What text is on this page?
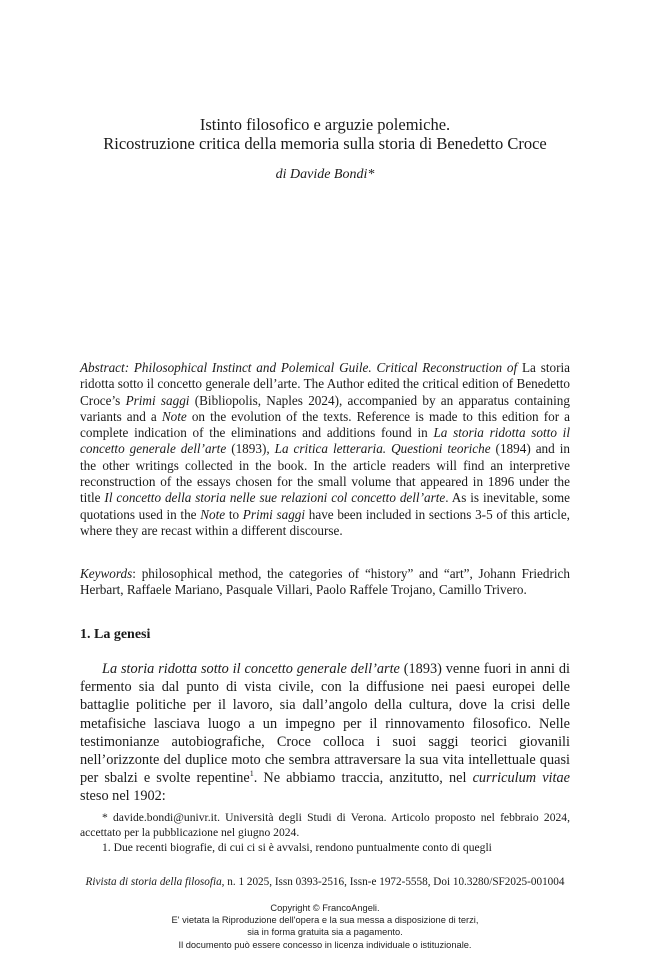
Istinto filosofico e arguzie polemiche.
Ricostruzione critica della memoria sulla storia di Benedetto Croce
di Davide Bondi*

Abstract: Philosophical Instinct and Polemical Guile. Critical Reconstruction of La storia ridotta sotto il concetto generale dell’arte. The Author edited the critical edition of Benedetto Croce’s Primi saggi (Bibliopolis, Naples 2024), accompanied by an apparatus containing variants and a Note on the evolution of the texts. Reference is made to this edition for a complete indication of the eliminations and additions found in La storia ridotta sotto il concetto generale dell’arte (1893), La critica letteraria. Questioni teoriche (1894) and in the other writings collected in the book. In the article readers will find an interpretive reconstruction of the essays chosen for the small volume that appeared in 1896 under the title Il concetto della storia nelle sue relazioni col concetto dell’arte. As is inevitable, some quotations used in the Note to Primi saggi have been included in sections 3-5 of this article, where they are recast within a different discourse.

Keywords: philosophical method, the categories of “history” and “art”, Johann Friedrich Herbart, Raffaele Mariano, Pasquale Villari, Paolo Raffele Trojano, Camillo Trivero.

1. La genesi

La storia ridotta sotto il concetto generale dell’arte (1893) venne fuori in anni di fermento sia dal punto di vista civile, con la diffusione nei paesi europei delle battaglie politiche per il lavoro, sia dall’angolo della cultura, dove la crisi delle metafisiche lasciava luogo a un impegno per il rinnovamento filosofico. Nelle testimonianze autobiografiche, Croce colloca i suoi saggi teorici giovanili nell’orizzonte del duplice moto che sembra attraversare la sua vita intellettuale quasi per sbalzi e svolte repentine$^1$. Ne abbiamo traccia, anzitutto, nel curriculum vitae steso nel 1902:

* davide.bondi@univr.it. Università degli Studi di Verona. Articolo proposto nel febbraio 2024, accettato per la pubblicazione nel giugno 2024.

1. Due recenti biografie, di cui ci si è avvalsi, rendono puntualmente conto di quegli

Rivista di storia della filosofia, n. 1 2025, Issn 0393-2516, Issn-e 1972-5558, Doi 10.3280/SF2025-001004
Copyright © FrancoAngeli.
E' vietata la Riproduzione dell'opera e la sua messa a disposizione di terzi,
sia in forma gratuita sia a pagamento.
Il documento può essere concesso in licenza individuale o istituzionale.
